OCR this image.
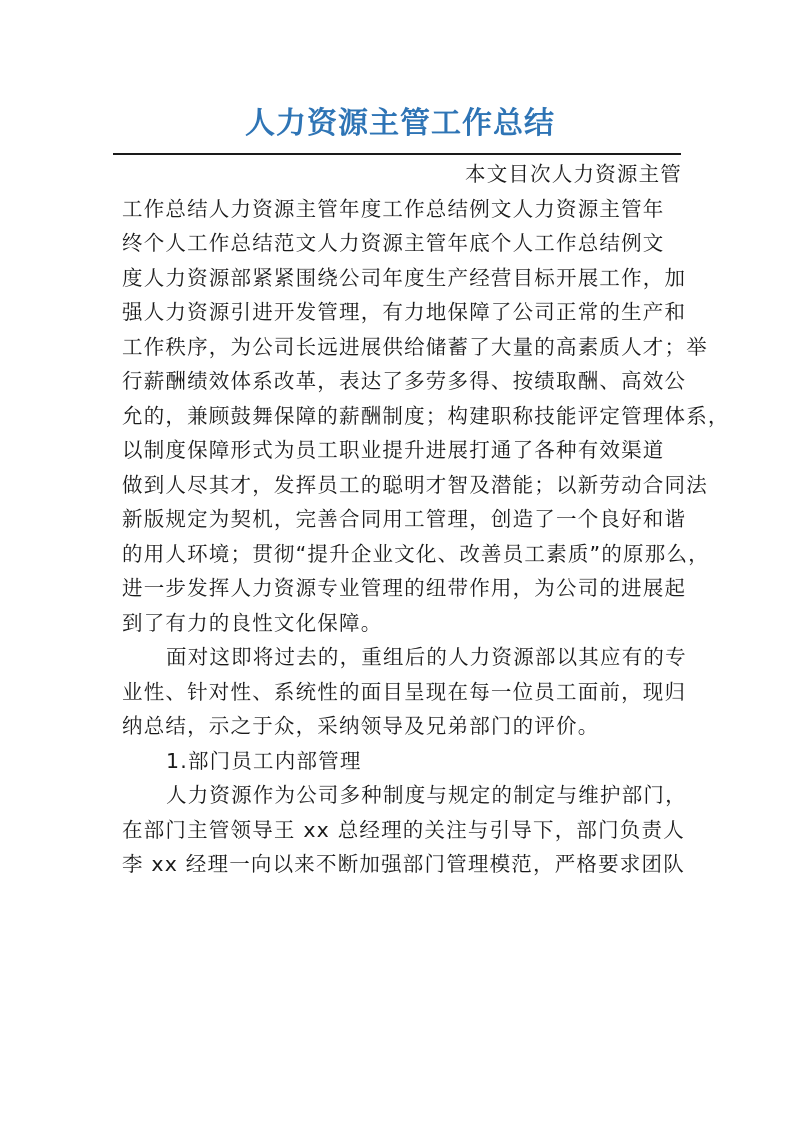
人力资源主管工作总结
本文目次人力资源主管
工作总结人力资源主管年度工作总结例文人力资源主管年
终个人工作总结范文人力资源主管年底个人工作总结例文
度人力资源部紧紧围绕公司年度生产经营目标开展工作，加
强人力资源引进开发管理，有力地保障了公司正常的生产和
工作秩序，为公司长远进展供给储蓄了大量的高素质人才；举
行薪酬绩效体系改革，表达了多劳多得、按绩取酬、高效公
允的，兼顾鼓舞保障的薪酬制度；构建职称技能评定管理体系，
以制度保障形式为员工职业提升进展打通了各种有效渠道
做到人尽其才，发挥员工的聪明才智及潜能；以新劳动合同法
新版规定为契机，完善合同用工管理，创造了一个良好和谐
的用人环境；贯彻“提升企业文化、改善员工素质”的原那么，
进一步发挥人力资源专业管理的纽带作用，为公司的进展起
到了有力的良性文化保障。
面对这即将过去的，重组后的人力资源部以其应有的专
业性、针对性、系统性的面目呈现在每一位员工面前，现归
纳总结，示之于众，采纳领导及兄弟部门的评价。
1.部门员工内部管理
人力资源作为公司多种制度与规定的制定与维护部门，
在部门主管领导王 xx 总经理的关注与引导下，部门负责人
李 xx 经理一向以来不断加强部门管理模范，严格要求团队
